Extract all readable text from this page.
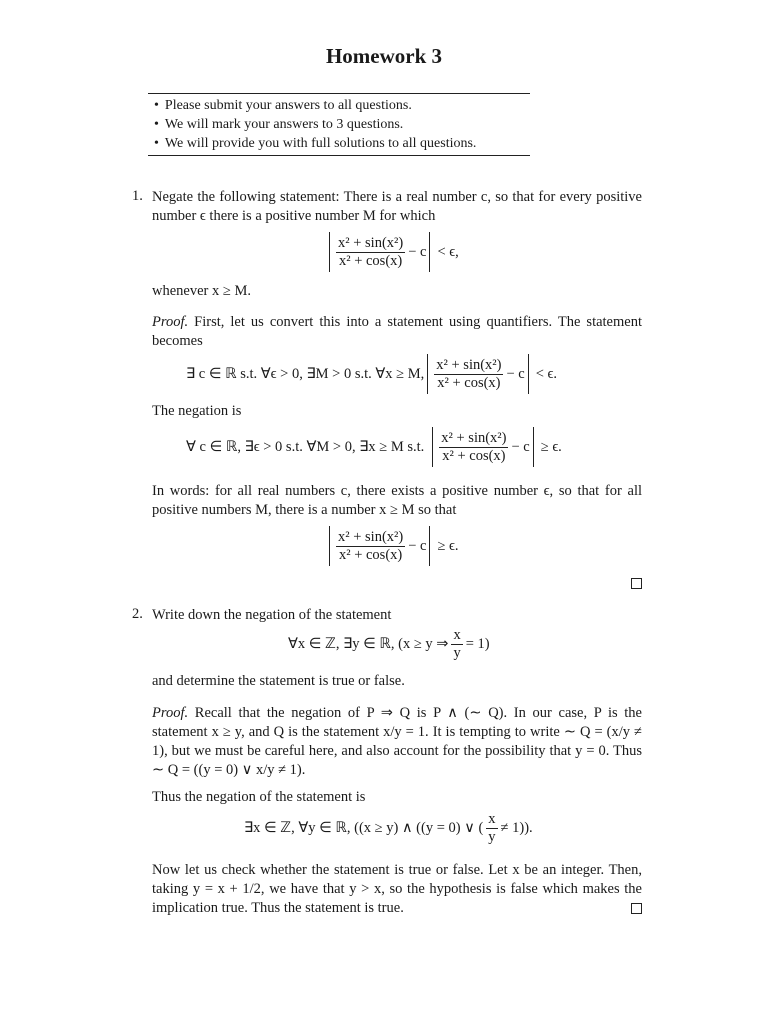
Homework 3
• Please submit your answers to all questions.
• We will mark your answers to 3 questions.
• We will provide you with full solutions to all questions.
1. Negate the following statement: There is a real number c, so that for every positive number ϵ there is a positive number M for which
$\frac{\text{x² + sin(x²)}}{\text{x² + cos(x)}} - c < \epsilon$,
whenever x ≥ M.
Proof. First, let us convert this into a statement using quantifiers. The statement becomes
∃ c ∈ ℝ s.t. ∀ϵ > 0, ∃M > 0 s.t. ∀x ≥ M, $\frac{\text{x² + sin(x²)}}{\text{x² + cos(x)}} - c < \epsilon$.
The negation is
∀ c ∈ ℝ, ∃ϵ > 0 s.t. ∀M > 0, ∃x ≥ M s.t. $\frac{\text{x² + sin(x²)}}{\text{x² + cos(x)}} - c \ge \epsilon$.
In words: for all real numbers c, there exists a positive number ϵ, so that for all positive numbers M, there is a number x ≥ M so that
$\frac{\text{x² + sin(x²)}}{\text{x² + cos(x)}} - c \ge \epsilon$.
2. Write down the negation of the statement
∀x ∈ ℤ, ∃y ∈ ℝ, (x ≥ y ⇒ $\frac{x}{y} = 1$)
and determine the statement is true or false.
Proof. Recall that the negation of P ⇒ Q is P ∧ (∼ Q). In our case, P is the statement x ≥ y, and Q is the statement x/y = 1. It is tempting to write ∼ Q = (x/y ≠ 1), but we must be careful here, and also account for the possibility that y = 0. Thus ∼ Q = ((y = 0) ∨ x/y ≠ 1).
Thus the negation of the statement is
∃x ∈ ℤ, ∀y ∈ ℝ, ((x ≥ y) ∧ ((y = 0) ∨ ( $\frac{x}{y} \ne 1$)).
Now let us check whether the statement is true or false. Let x be an integer. Then, taking y = x + 1/2, we have that y > x, so the hypothesis is false which makes the implication true. Thus the statement is true.
